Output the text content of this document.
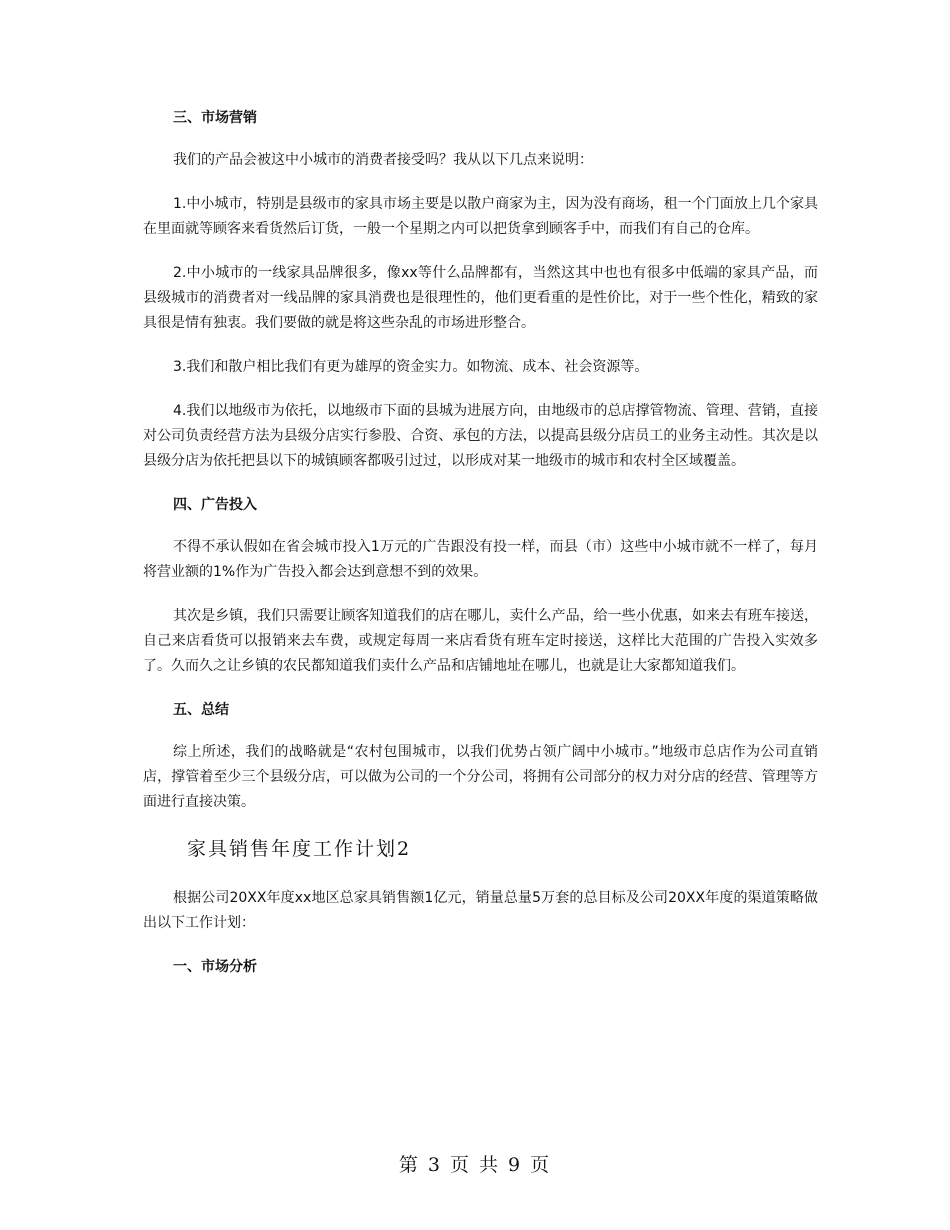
三、市场营销

我们的产品会被这中小城市的消费者接受吗？我从以下几点来说明：

1.中小城市，特别是县级市的家具市场主要是以散户商家为主，因为没有商场，租一个门面放上几个家具在里面就等顾客来看货然后订货，一般一个星期之内可以把货拿到顾客手中，而我们有自己的仓库。

2.中小城市的一线家具品牌很多，像xx等什么品牌都有，当然这其中也也有很多中低端的家具产品，而县级城市的消费者对一线品牌的家具消费也是很理性的，他们更看重的是性价比，对于一些个性化，精致的家具很是情有独衷。我们要做的就是将这些杂乱的市场进形整合。

3.我们和散户相比我们有更为雄厚的资金实力。如物流、成本、社会资源等。

4.我们以地级市为依托，以地级市下面的县城为进展方向，由地级市的总店撑管物流、管理、营销，直接对公司负责经营方法为县级分店实行参股、合资、承包的方法，以提高县级分店员工的业务主动性。其次是以县级分店为依托把县以下的城镇顾客都吸引过过，以形成对某一地级市的城市和农村全区域覆盖。

四、广告投入

不得不承认假如在省会城市投入1万元的广告跟没有投一样，而县（市）这些中小城市就不一样了，每月将营业额的1%作为广告投入都会达到意想不到的效果。

其次是乡镇，我们只需要让顾客知道我们的店在哪儿，卖什么产品，给一些小优惠，如来去有班车接送，自己来店看货可以报销来去车费，或规定每周一来店看货有班车定时接送，这样比大范围的广告投入实效多了。久而久之让乡镇的农民都知道我们卖什么产品和店铺地址在哪儿，也就是让大家都知道我们。

五、总结

综上所述，我们的战略就是“农村包围城市，以我们优势占领广阔中小城市。”地级市总店作为公司直销店，撑管着至少三个县级分店，可以做为公司的一个分公司，将拥有公司部分的权力对分店的经营、管理等方面进行直接决策。

家具销售年度工作计划2

根据公司20XX年度xx地区总家具销售额1亿元，销量总量5万套的总目标及公司20XX年度的渠道策略做出以下工作计划：

一、市场分析
第 3 页 共 9 页
